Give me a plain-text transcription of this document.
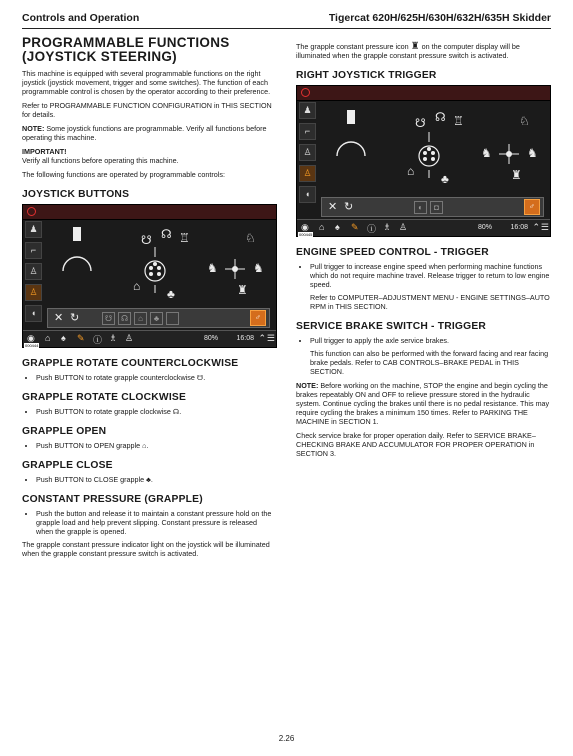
Controls and Operation	Tigercat 620H/625H/630H/632H/635H Skidder
PROGRAMMABLE FUNCTIONS
(JOYSTICK STEERING)

This machine is equipped with several programmable functions on the right joystick (joystick movement, trigger and some switches). The function of each programmable control is chosen by the operator according to their preference.

Refer to PROGRAMMABLE FUNCTION CONFIGURATION in THIS SECTION for details.

NOTE: Some joystick functions are programmable. Verify all functions before operating this machine.

IMPORTANT!
Verify all functions before operating this machine.

The following functions are operated by programmable controls:

JOYSTICK BUTTONS
♟
⌐
♙
♙
◖
☋ ☊ ♖
⌂
♣
♘
♞	♞
♜
✕ ↻	☋	☊	⌂	♣	♂
◉ ⌂ ♠ ✎ ⓘ ♗ ♙	80%	16:08 ⌃ ☰
000444
GRAPPLE ROTATE COUNTERCLOCKWISE
• Push BUTTON to rotate grapple counterclockwise ☋.
GRAPPLE ROTATE CLOCKWISE
• Push BUTTON to rotate grapple clockwise ☊.
GRAPPLE OPEN
• Push BUTTON to OPEN grapple ⌂.
GRAPPLE CLOSE
• Push BUTTON to CLOSE grapple ♣.
CONSTANT PRESSURE (GRAPPLE)
• Push the button and release it to maintain a constant pressure hold on the grapple load and help prevent slipping. Constant pressure is released when the grapple is opened.

The grapple constant pressure indicator light on the joystick will be illuminated when the grapple constant pressure switch is activated.

The grapple constant pressure icon ♜ on the computer display will be illuminated when the grapple constant pressure switch is activated.

RIGHT JOYSTICK TRIGGER
♟
⌐
♙
♙
◖
☋ ☊ ♖
⌂
♣
♘
♞	♞
♜
✕ ↻	◐	◘	♂
◉ ⌂ ♠ ✎ ⓘ ♗ ♙	80%	16:08 ⌃ ☰
000445
ENGINE SPEED CONTROL - TRIGGER
• Pull trigger to increase engine speed when performing machine functions which do not require machine travel. Release trigger to return to low engine speed.

Refer to COMPUTER–ADJUSTMENT MENU - ENGINE SETTINGS–AUTO RPM in THIS SECTION.

SERVICE BRAKE SWITCH - TRIGGER
• Pull trigger to apply the axle service brakes.

This function can also be performed with the forward facing and rear facing brake pedals. Refer to CAB CONTROLS–BRAKE PEDAL in THIS SECTION.

NOTE: Before working on the machine, STOP the engine and begin cycling the brakes repeatably ON and OFF to relieve pressure stored in the hydraulic system. Continue cycling the brakes until there is no pedal resistance. This may require cycling the brakes a minimum 150 times. Refer to PARKING THE MACHINE in SECTION 1.

Check service brake for proper operation daily. Refer to SERVICE BRAKE–CHECKING BRAKE AND ACCUMULATOR FOR PROPER OPERATION in SECTION 3.

2.26
